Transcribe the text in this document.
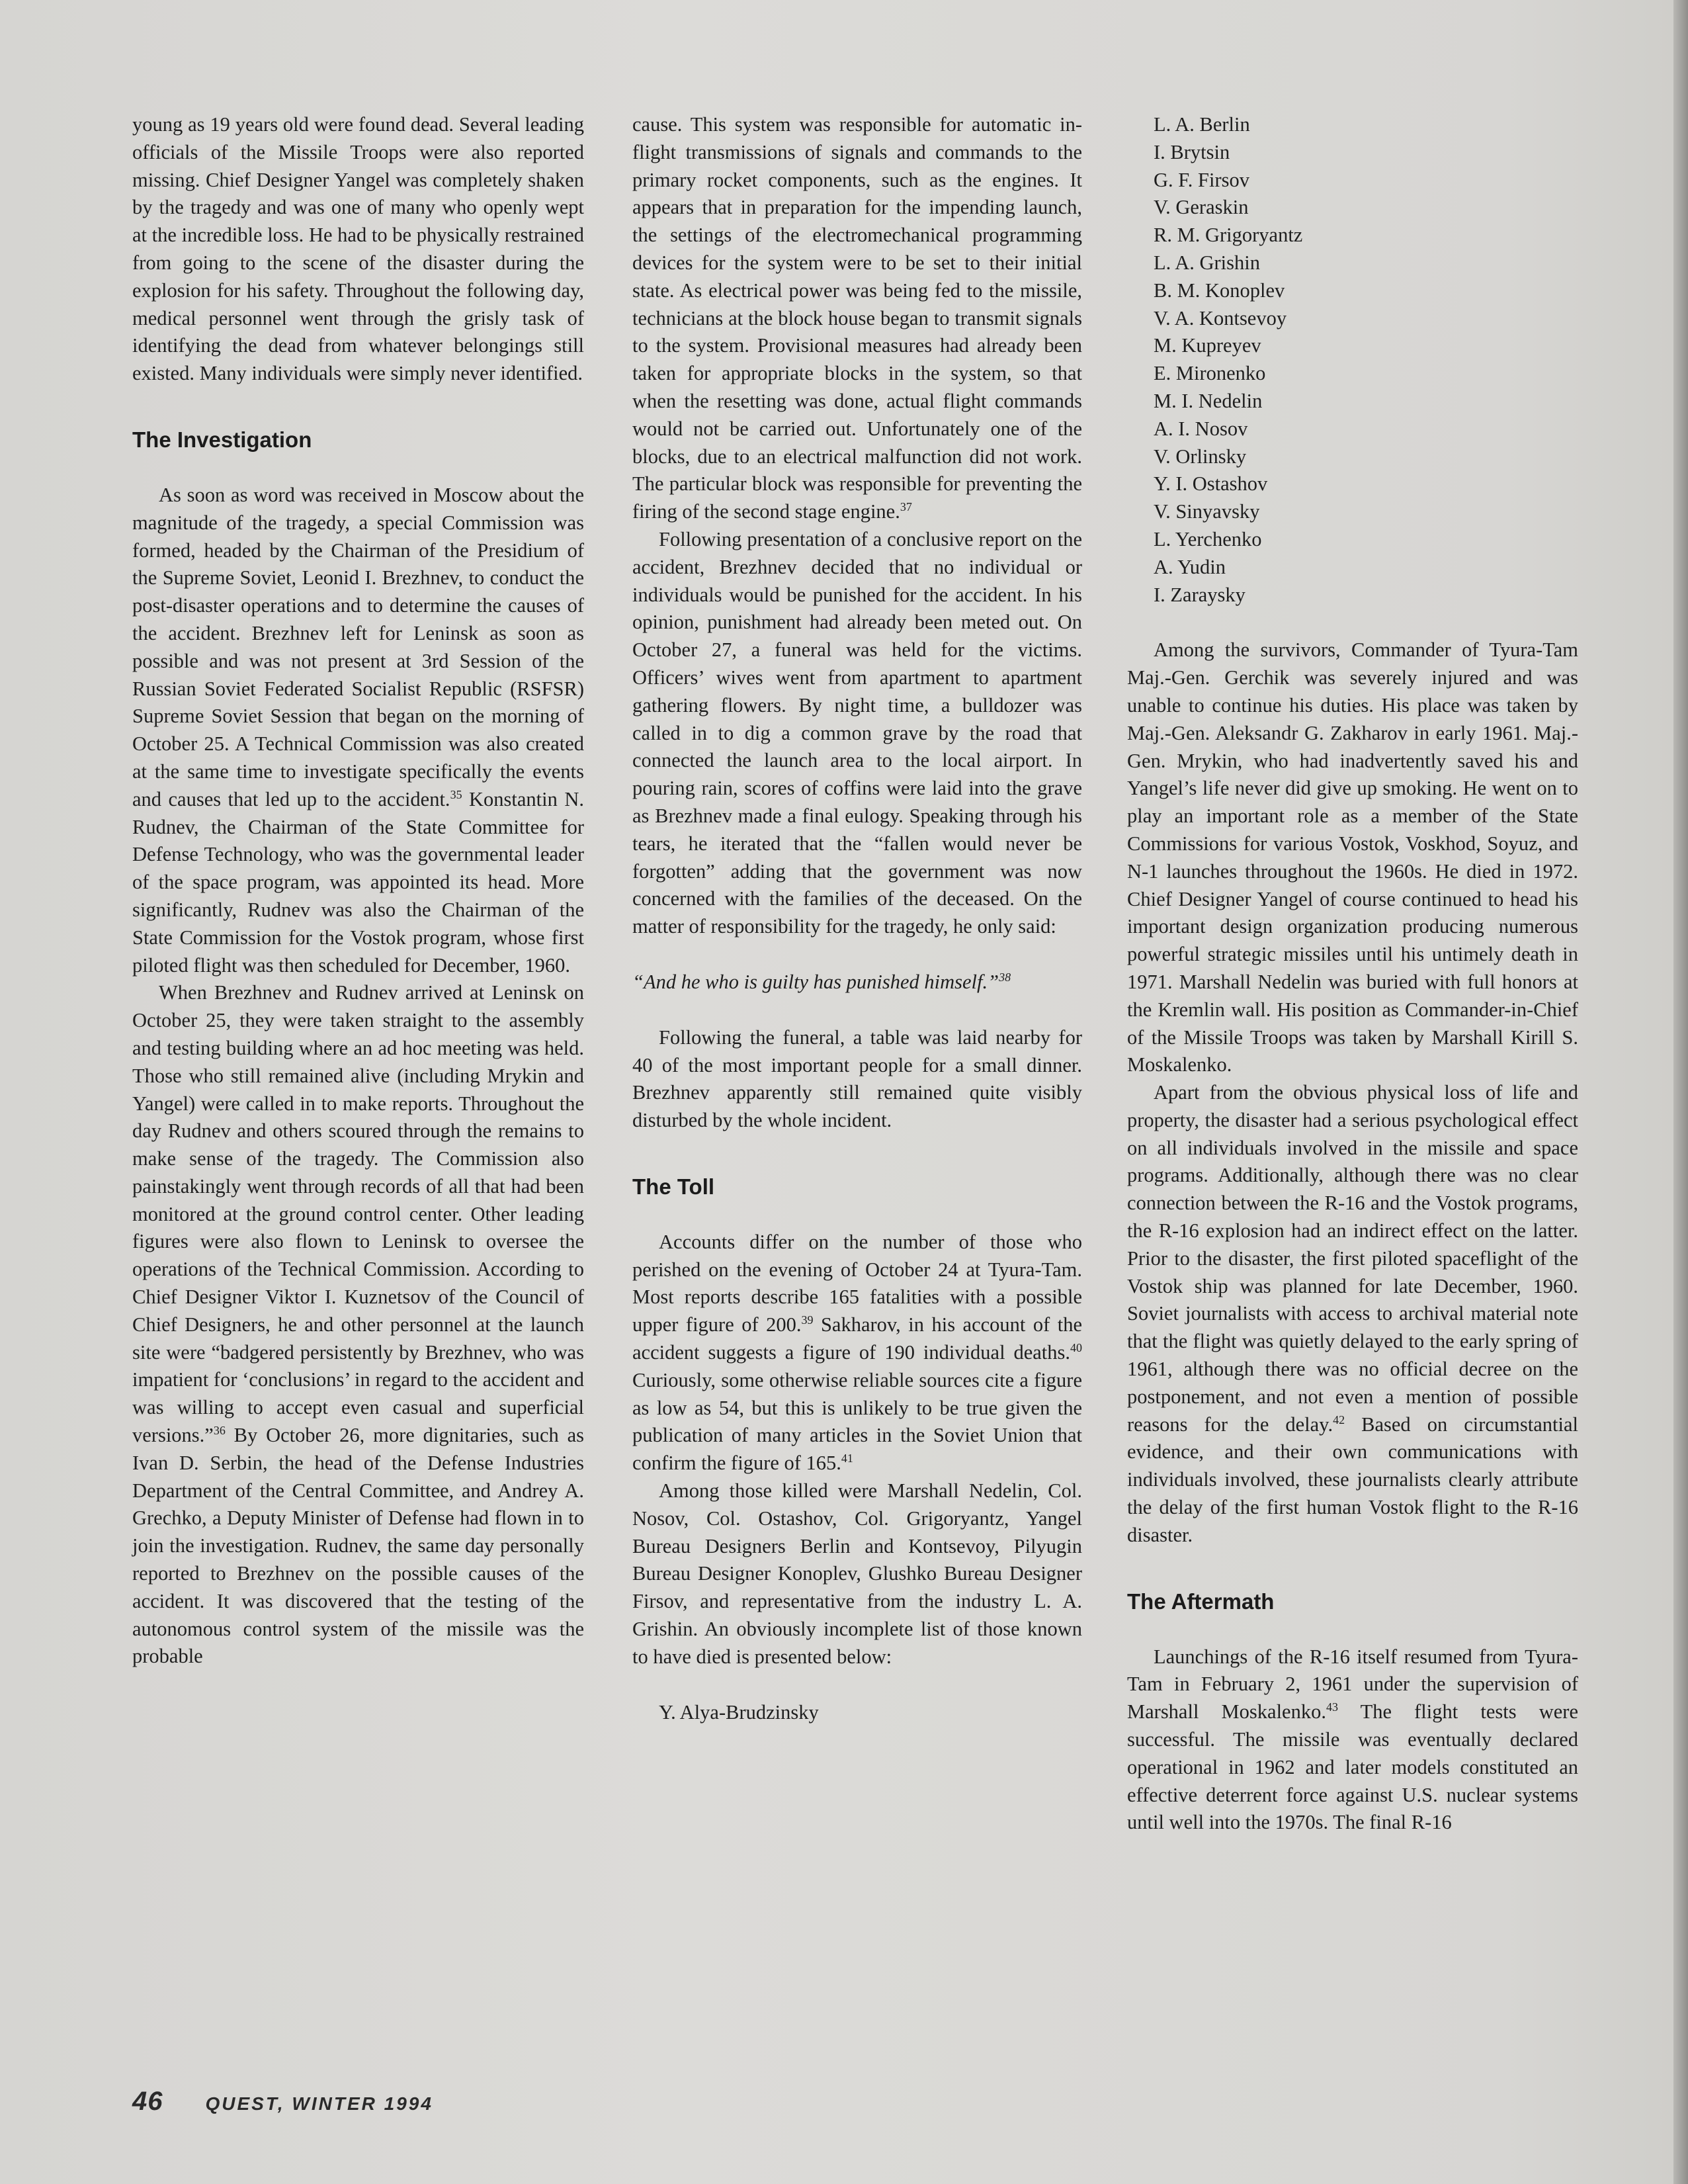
young as 19 years old were found dead. Several leading officials of the Missile Troops were also reported missing. Chief Designer Yangel was completely shaken by the tragedy and was one of many who openly wept at the incredible loss. He had to be physically restrained from going to the scene of the disaster during the explosion for his safety. Throughout the following day, medical personnel went through the grisly task of identifying the dead from whatever belongings still existed. Many individuals were simply never identified.

The Investigation

As soon as word was received in Moscow about the magnitude of the tragedy, a special Commission was formed, headed by the Chairman of the Presidium of the Supreme Soviet, Leonid I. Brezhnev, to conduct the post-disaster operations and to determine the causes of the accident. Brezhnev left for Leninsk as soon as possible and was not present at 3rd Session of the Russian Soviet Federated Socialist Republic (RSFSR) Supreme Soviet Session that began on the morning of October 25. A Technical Commission was also created at the same time to investigate specifically the events and causes that led up to the accident.$^{35}$ Konstantin N. Rudnev, the Chairman of the State Committee for Defense Technology, who was the governmental leader of the space program, was appointed its head. More significantly, Rudnev was also the Chairman of the State Commission for the Vostok program, whose first piloted flight was then scheduled for December, 1960.

When Brezhnev and Rudnev arrived at Leninsk on October 25, they were taken straight to the assembly and testing building where an ad hoc meeting was held. Those who still remained alive (including Mrykin and Yangel) were called in to make reports. Throughout the day Rudnev and others scoured through the remains to make sense of the tragedy. The Commission also painstakingly went through records of all that had been monitored at the ground control center. Other leading figures were also flown to Leninsk to oversee the operations of the Technical Commission. According to Chief Designer Viktor I. Kuznetsov of the Council of Chief Designers, he and other personnel at the launch site were “badgered persistently by Brezhnev, who was impatient for ‘conclusions’ in regard to the accident and was willing to accept even casual and superficial versions.”$^{36}$ By October 26, more dignitaries, such as Ivan D. Serbin, the head of the Defense Industries Department of the Central Committee, and Andrey A. Grechko, a Deputy Minister of Defense had flown in to join the investigation. Rudnev, the same day personally reported to Brezhnev on the possible causes of the accident. It was discovered that the testing of the autonomous control system of the missile was the probable

cause. This system was responsible for automatic in-flight transmissions of signals and commands to the primary rocket components, such as the engines. It appears that in preparation for the impending launch, the settings of the electromechanical programming devices for the system were to be set to their initial state. As electrical power was being fed to the missile, technicians at the block house began to transmit signals to the system. Provisional measures had already been taken for appropriate blocks in the system, so that when the resetting was done, actual flight commands would not be carried out. Unfortunately one of the blocks, due to an electrical malfunction did not work. The particular block was responsible for preventing the firing of the second stage engine.$^{37}$

Following presentation of a conclusive report on the accident, Brezhnev decided that no individual or individuals would be punished for the accident. In his opinion, punishment had already been meted out. On October 27, a funeral was held for the victims. Officers’ wives went from apartment to apartment gathering flowers. By night time, a bulldozer was called in to dig a common grave by the road that connected the launch area to the local airport. In pouring rain, scores of coffins were laid into the grave as Brezhnev made a final eulogy. Speaking through his tears, he iterated that the “fallen would never be forgotten” adding that the government was now concerned with the families of the deceased. On the matter of responsibility for the tragedy, he only said:

“And he who is guilty has punished himself.”$^{38}$

Following the funeral, a table was laid nearby for 40 of the most important people for a small dinner. Brezhnev apparently still remained quite visibly disturbed by the whole incident.

The Toll

Accounts differ on the number of those who perished on the evening of October 24 at Tyura-Tam. Most reports describe 165 fatalities with a possible upper figure of 200.39 Sakharov, in his account of the accident suggests a figure of 190 individual deaths.$^{40}$ Curiously, some otherwise reliable sources cite a figure as low as 54, but this is unlikely to be true given the publication of many articles in the Soviet Union that confirm the figure of 165.41

Among those killed were Marshall Nedelin, Col. Nosov, Col. Ostashov, Col. Grigoryantz, Yangel Bureau Designers Berlin and Kontsevoy, Pilyugin Bureau Designer Konoplev, Glushko Bureau Designer Firsov, and representative from the industry L. A. Grishin. An obviously incomplete list of those known to have died is presented below:

Y. Alya-Brudzinsky

L. A. Berlin
I. Brytsin
G. F. Firsov
V. Geraskin
R. M. Grigoryantz
L. A. Grishin
B. M. Konoplev
V. A. Kontsevoy
M. Kupreyev
E. Mironenko
M. I. Nedelin
A. I. Nosov
V. Orlinsky
Y. I. Ostashov
V. Sinyavsky
L. Yerchenko
A. Yudin
I. Zaraysky

Among the survivors, Commander of Tyura-Tam Maj.-Gen. Gerchik was severely injured and was unable to continue his duties. His place was taken by Maj.-Gen. Aleksandr G. Zakharov in early 1961. Maj.-Gen. Mrykin, who had inadvertently saved his and Yangel’s life never did give up smoking. He went on to play an important role as a member of the State Commissions for various Vostok, Voskhod, Soyuz, and N-1 launches throughout the 1960s. He died in 1972. Chief Designer Yangel of course continued to head his important design organization producing numerous powerful strategic missiles until his untimely death in 1971. Marshall Nedelin was buried with full honors at the Kremlin wall. His position as Commander-in-Chief of the Missile Troops was taken by Marshall Kirill S. Moskalenko.

Apart from the obvious physical loss of life and property, the disaster had a serious psychological effect on all individuals involved in the missile and space programs. Additionally, although there was no clear connection between the R-16 and the Vostok programs, the R-16 explosion had an indirect effect on the latter. Prior to the disaster, the first piloted spaceflight of the Vostok ship was planned for late December, 1960. Soviet journalists with access to archival material note that the flight was quietly delayed to the early spring of 1961, although there was no official decree on the postponement, and not even a mention of possible reasons for the delay.$^{42}$ Based on circumstantial evidence, and their own communications with individuals involved, these journalists clearly attribute the delay of the first human Vostok flight to the R-16 disaster.

The Aftermath

Launchings of the R-16 itself resumed from Tyura-Tam in February 2, 1961 under the supervision of Marshall Moskalenko.$^{43}$ The flight tests were successful. The missile was eventually declared operational in 1962 and later models constituted an effective deterrent force against U.S. nuclear systems until well into the 1970s. The final R-16

46 QUEST, WINTER 1994
